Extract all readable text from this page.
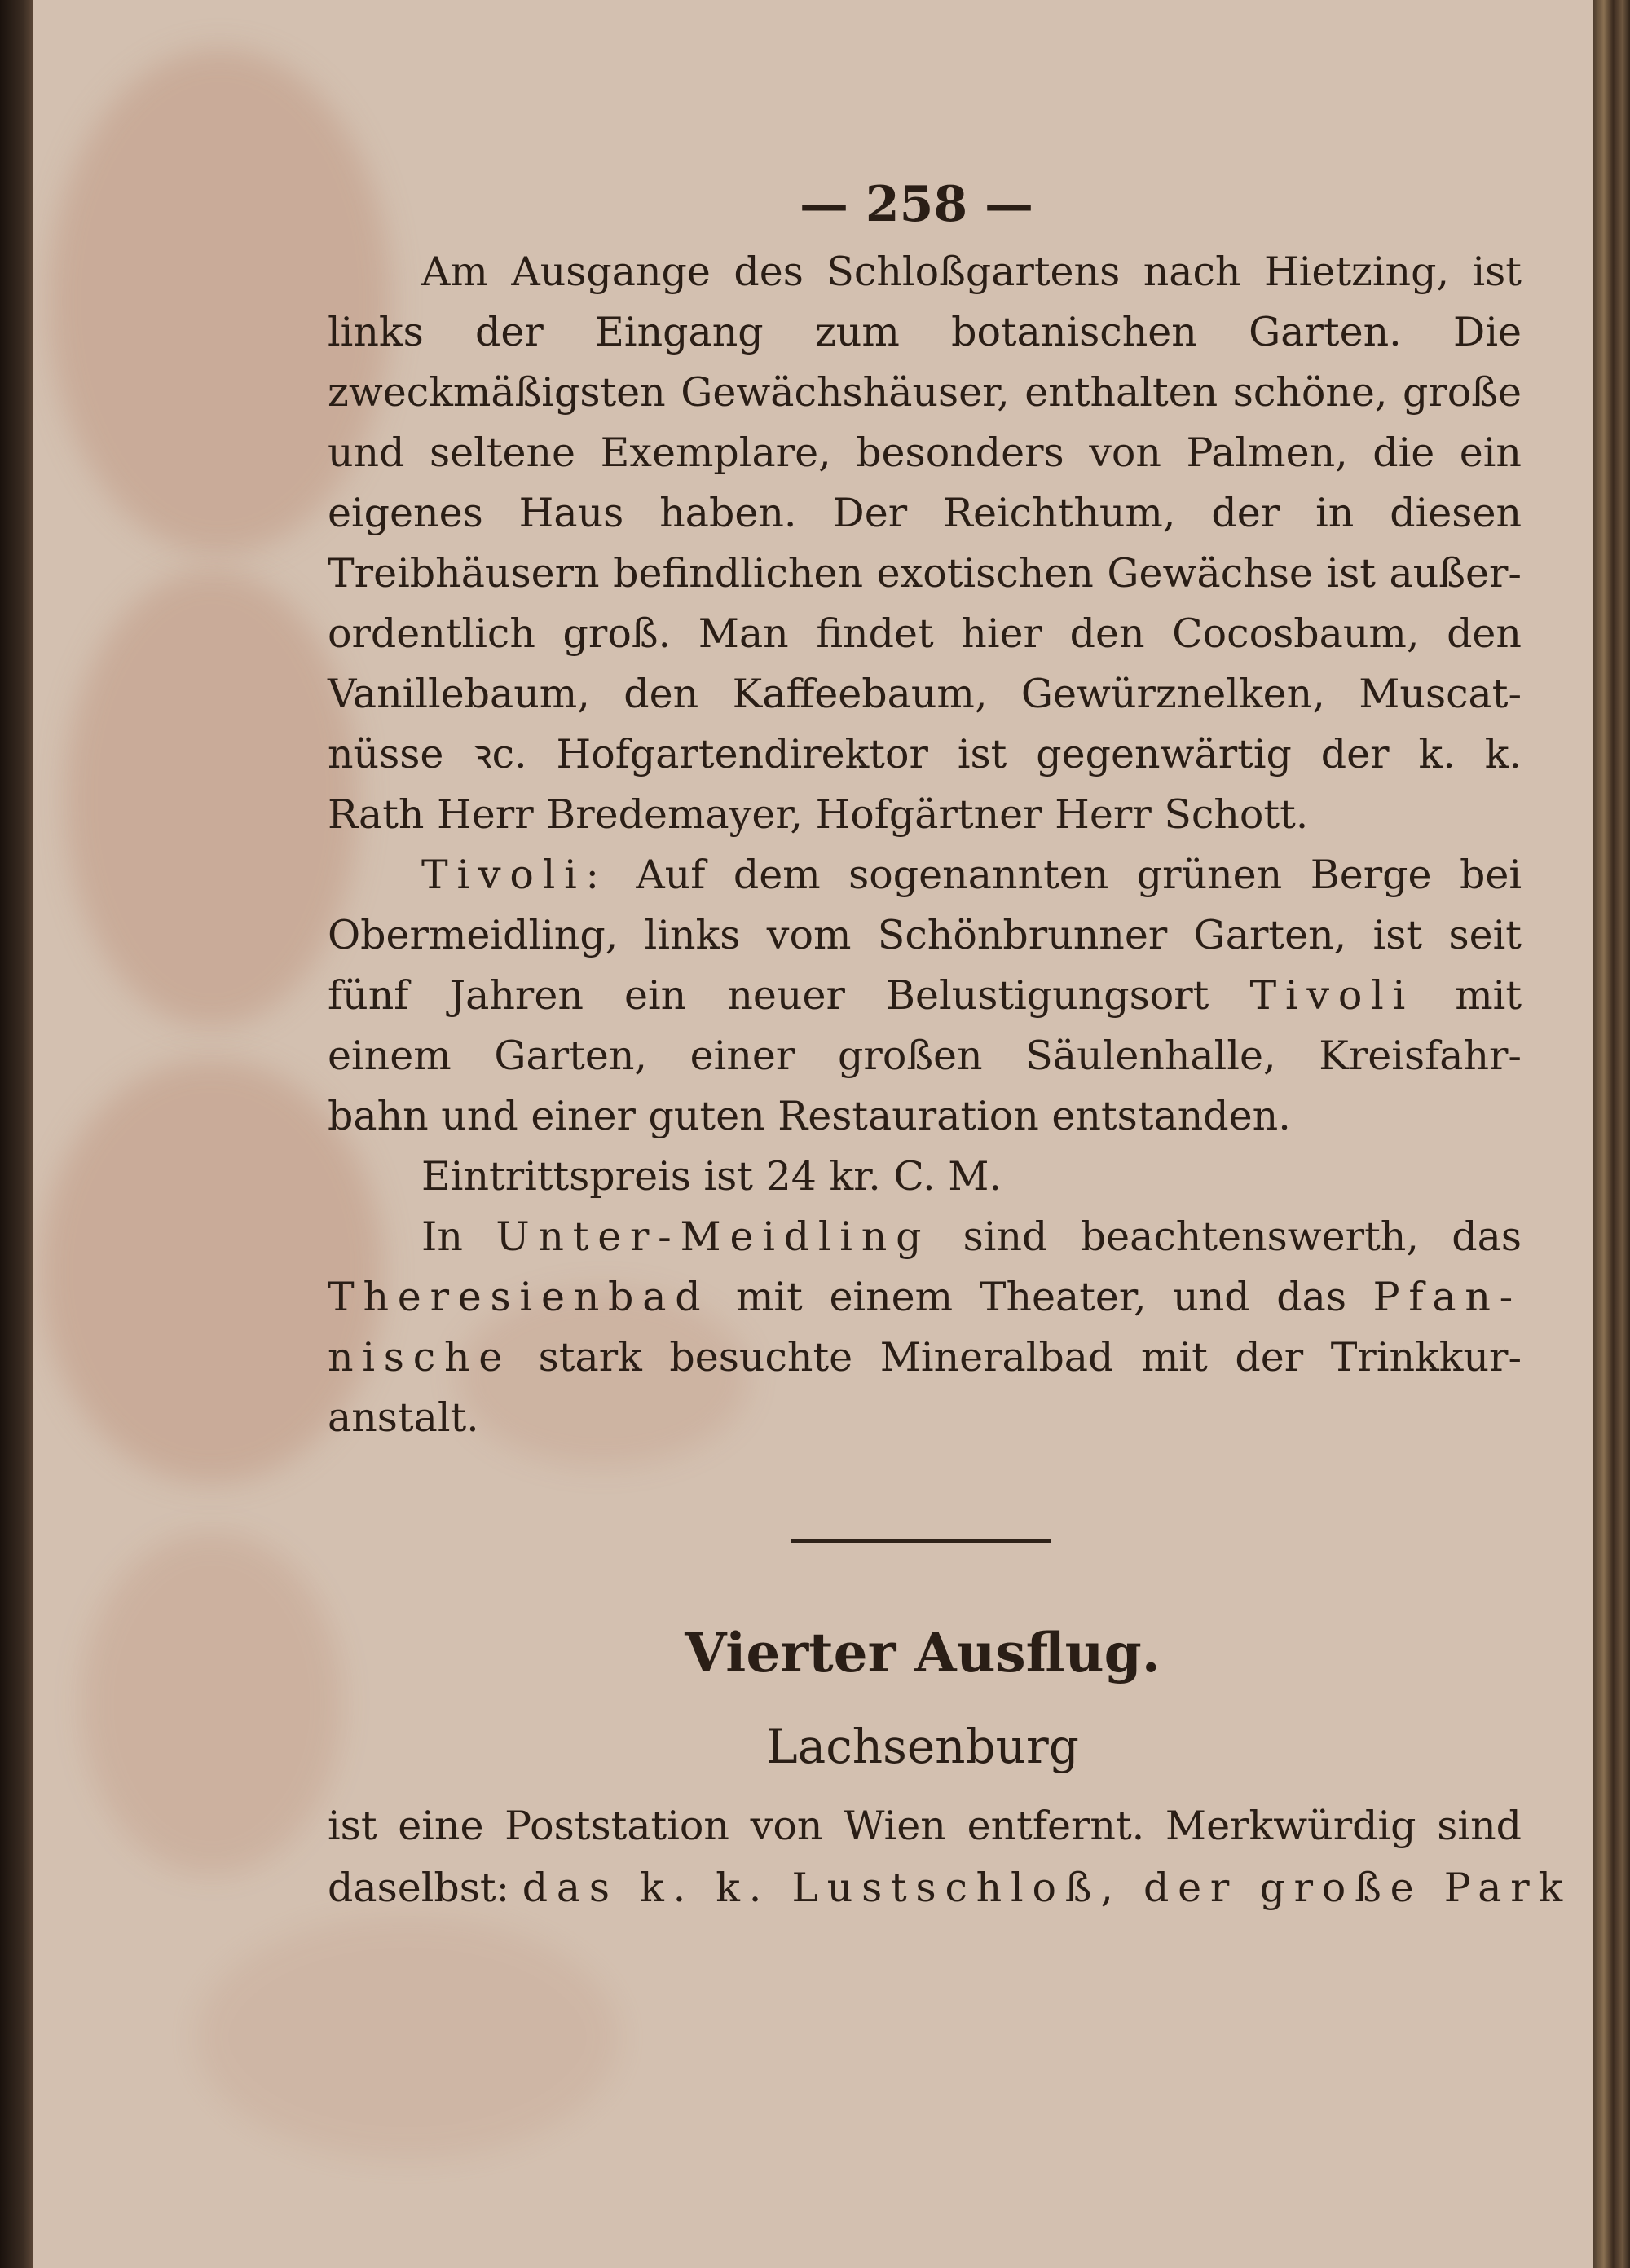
— 258 —
Am Ausgange des Schloßgartens nach Hietzing, ist
links der Eingang zum botanischen Garten. Die
zweckmäßigsten Gewächshäuser, enthalten schöne, große
und seltene Exemplare, besonders von Palmen, die ein
eigenes Haus haben. Der Reichthum, der in diesen
Treibhäusern befindlichen exotischen Gewächse ist außer-
ordentlich groß. Man findet hier den Cocosbaum, den
Vanillebaum, den Kaffeebaum, Gewürznelken, Muscat-
nüsse ꝛc. Hofgartendirektor ist gegenwärtig der k. k.
Rath Herr Bredemayer, Hofgärtner Herr Schott.
Tivoli: Auf dem sogenannten grünen Berge bei
Obermeidling, links vom Schönbrunner Garten, ist seit
fünf Jahren ein neuer Belustigungsort Tivoli mit
einem Garten, einer großen Säulenhalle, Kreisfahr-
bahn und einer guten Restauration entstanden.
Eintrittspreis ist 24 kr. C. M.
In Unter-Meidling sind beachtenswerth, das
Theresienbad mit einem Theater, und das Pfan-
nische stark besuchte Mineralbad mit der Trinkkur-
anstalt.
Vierter Ausflug.
Lachsenburg
ist eine Poststation von Wien entfernt. Merkwürdig sind
daselbst: das k. k. Lustschloß, der große Park
